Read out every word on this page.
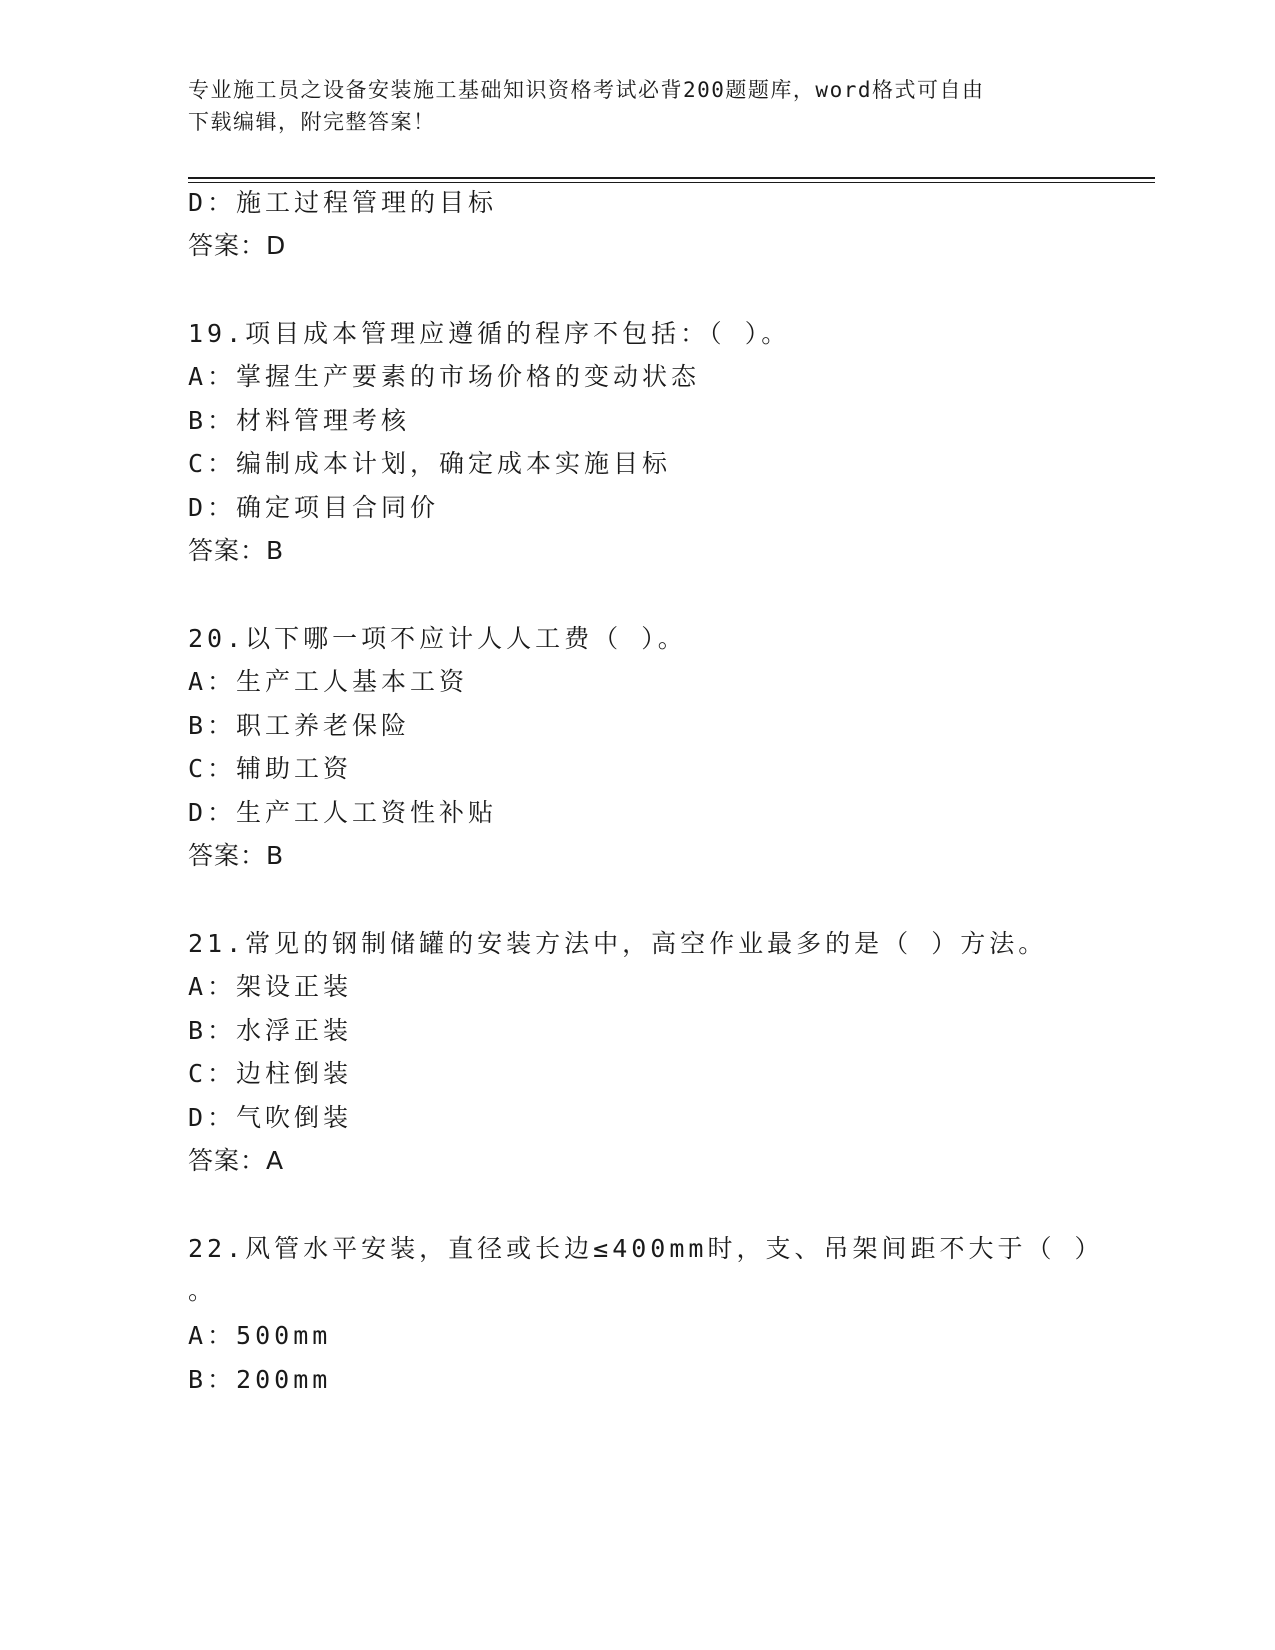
专业施工员之设备安装施工基础知识资格考试必背200题题库，word格式可自由
下载编辑，附完整答案！
D：施工过程管理的目标
答案：D
19.项目成本管理应遵循的程序不包括：（ ）。
A：掌握生产要素的市场价格的变动状态
B：材料管理考核
C：编制成本计划，确定成本实施目标
D：确定项目合同价
答案：B
20.以下哪一项不应计人人工费（ ）。
A：生产工人基本工资
B：职工养老保险
C：辅助工资
D：生产工人工资性补贴
答案：B
21.常见的钢制储罐的安装方法中，高空作业最多的是（ ）方法。
A：架设正装
B：水浮正装
C：边柱倒装
D：气吹倒装
答案：A
22.风管水平安装，直径或长边≤400mm时，支、吊架间距不大于（ ）
。
A：500mm
B：200mm
